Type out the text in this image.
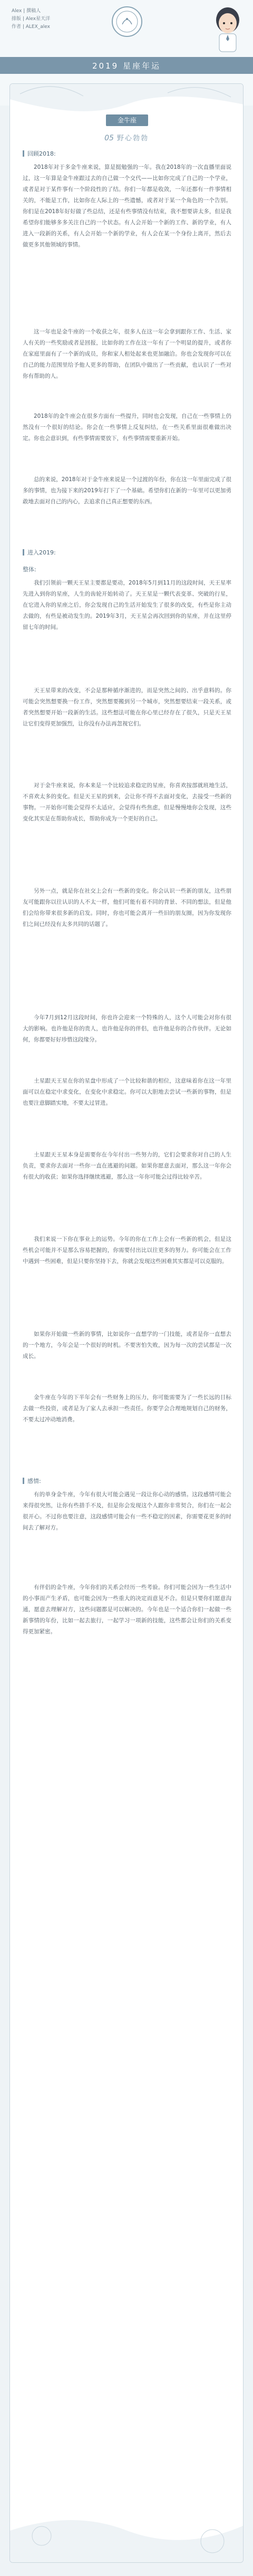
Alex | 撰稿人
排版 | Alex星天洋
作者 | ALEX_alex
2019 星座年运
金牛座
05 野心勃勃
回顾2018:

2018年对于多金牛座来说，算是挺勉强的一年。我在2018年的一次直播里面说过，这一年算是金牛座跟过去的自己做一个交代——比如你完成了自己的一个学业，或者是对于某件事有一个阶段性的了结。你们一年都是收敛，一年还都有一件事情相关的，不能是工作，比如你在人际上的一些遗憾，或者对于某一个角色的一个告别。你们是在2018年好好做了些总结，还是有些事情没有结束，我不想要讲太多，但是我希望你们能够多多关注自己的一个状态。有人会开始一个新的工作、新的学业，有人进入一段新的关系，有人会开始一个新的学业，有人会在某一个身份上离开，然后去做更多其他领域的事情。

这一年也是金牛座的一个收获之年，很多人在这一年会拿到跟你工作、生活、家人有关的一些奖励或者是回报，比如你的工作在这一年有了一个明显的提升，或者你在家庭里面有了一个新的成员，你和家人相处起来也更加融洽。你也会发现你可以在自己的能力范围里给予他人更多的帮助，在团队中做出了一些贡献，也认识了一些对你有帮助的人。

2018年的金牛座会在很多方面有一些提升，同时也会发现，自己在一些事情上仍然没有一个很好的结论。你会在一些事情上反复纠结，在一些关系里面很难做出决定。你也会意识到，有些事情需要放下，有些事情需要重新开始。

总的来说，2018年对于金牛座来说是一个过渡的年份，你在这一年里面完成了很多的事情，也为接下来的2019年打下了一个基础。希望你们在新的一年里可以更加勇敢地去面对自己的内心，去追求自己真正想要的东西。

进入2019:
整体:

我们引领前一颗天王星主要都是要动，2018年5月到11月的这段时间，天王星率先进入到你的星座，人生的齿轮开始转动了。天王星是一颗代表变革、突破的行星，在它进入你的星座之后，你会发现自己的生活开始发生了很多的改变，有些是你主动去做的，有些是被动发生的。2019年3月，天王星会再次回到你的星座，并在这里停留七年的时间。

天王星带来的改变，不会是那种循序渐进的，而是突然之间的、出乎意料的。你可能会突然想要换一份工作，突然想要搬到另一个城市，突然想要结束一段关系，或者突然想要开始一段新的生活。这些想法可能在你心里已经存在了很久，只是天王星让它们变得更加强烈，让你没有办法再忽视它们。

对于金牛座来说，你本来是一个比较追求稳定的星座，你喜欢按部就班地生活，不喜欢太多的变化。但是天王星的到来，会让你不得不去面对变化，去接受一些新的事物。一开始你可能会觉得不太适应，会觉得有些焦虑，但是慢慢地你会发现，这些变化其实是在帮助你成长，帮助你成为一个更好的自己。

另外一点，就是你在社交上会有一些新的变化。你会认识一些新的朋友，这些朋友可能跟你以往认识的人不太一样，他们可能有着不同的背景、不同的想法，但是他们会给你带来很多新的启发。同时，你也可能会离开一些旧的朋友圈，因为你发现你们之间已经没有太多共同的话题了。

今年7月到12月这段时间，你也许会迎来一个特殊的人，这个人可能会对你有很大的影响。也许他是你的贵人，也许他是你的伴侣，也许他是你的合作伙伴。无论如何，你都要好好珍惜这段缘分。

土星跟天王星在你的星盘中形成了一个比较和谐的相位，这意味着你在这一年里面可以在稳定中求变化，在变化中求稳定。你可以大胆地去尝试一些新的事物，但是也要注意脚踏实地，不要太过冒进。

土星跟天王星本身是需要你在今年付出一些努力的，它们会要求你对自己的人生负责，要求你去面对一些你一直在逃避的问题。如果你愿意去面对，那么这一年你会有很大的收获；如果你选择继续逃避，那么这一年你可能会过得比较辛苦。

我们来说一下你在事业上的运势。今年的你在工作上会有一些新的机会，但是这些机会可能并不是那么容易把握的，你需要付出比以往更多的努力。你可能会在工作中遇到一些困难，但是只要你坚持下去，你就会发现这些困难其实都是可以克服的。

如果你开始做一些新的事情，比如说你一直想学的一门技能，或者是你一直想去的一个地方，今年会是一个很好的时机。不要害怕失败，因为每一次的尝试都是一次成长。

金牛座在今年的下半年会有一些财务上的压力，你可能需要为了一些长远的目标去做一些投资，或者是为了家人去承担一些责任。你要学会合理地规划自己的财务，不要太过冲动地消费。

感情:

有的单身金牛座，今年有很大可能会遇见一段让你心动的感情。这段感情可能会来得很突然，让你有些措手不及，但是你会发现这个人跟你非常契合，你们在一起会很开心。不过你也要注意，这段感情可能会有一些不稳定的因素，你需要花更多的时间去了解对方。

有伴侣的金牛座，今年你们的关系会经历一些考验。你们可能会因为一些生活中的小事而产生矛盾，也可能会因为一些重大的决定而意见不合。但是只要你们愿意沟通，愿意去理解对方，这些问题都是可以解决的。今年也是一个适合你们一起做一些新事情的年份，比如一起去旅行，一起学习一项新的技能，这些都会让你们的关系变得更加紧密。
